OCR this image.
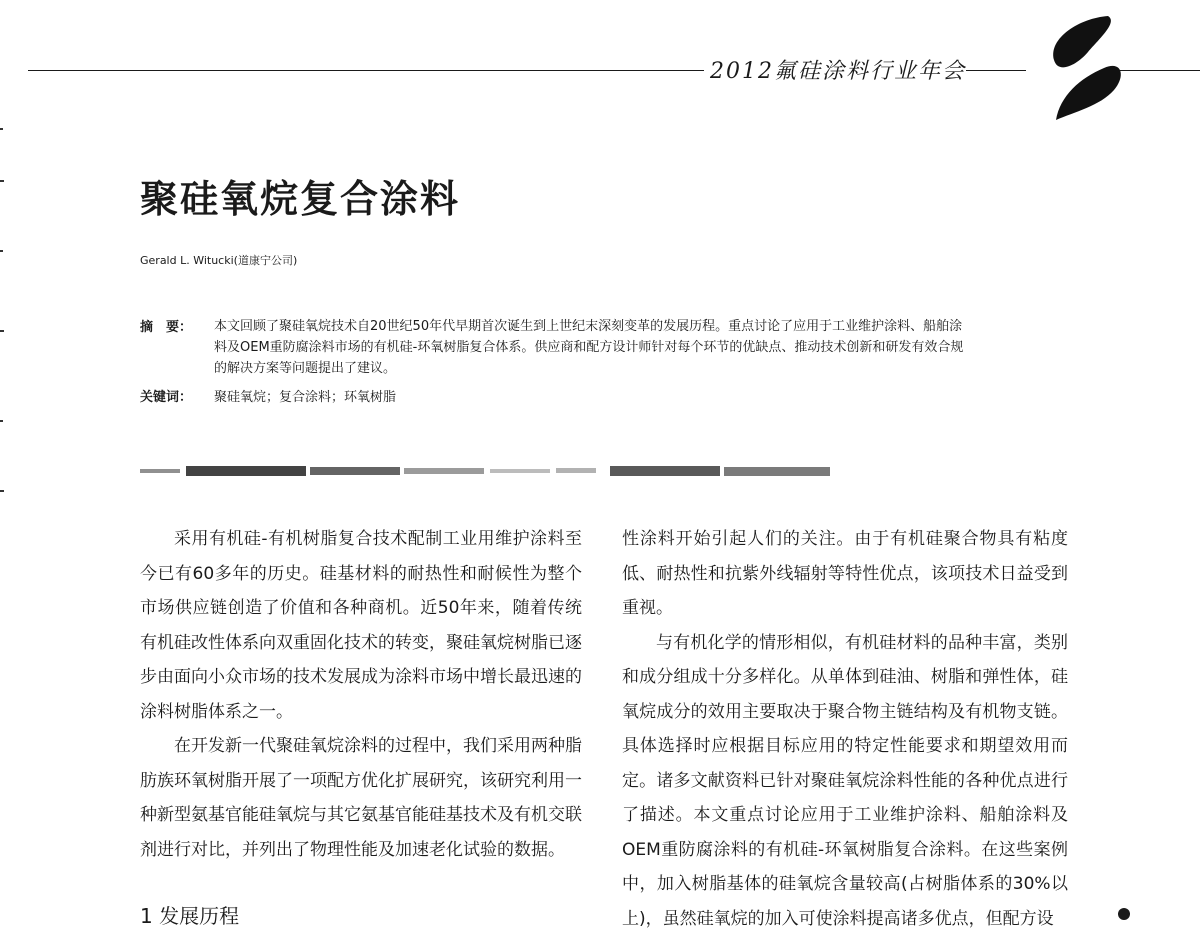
2012氟硅涂料行业年会
聚硅氧烷复合涂料
Gerald L. Witucki(道康宁公司)
摘　要： 本文回顾了聚硅氧烷技术自20世纪50年代早期首次诞生到上世纪末深刻变革的发展历程。重点讨论了应用于工业维护涂料、船舶涂料及OEM重防腐涂料市场的有机硅-环氧树脂复合体系。供应商和配方设计师针对每个环节的优缺点、推动技术创新和研发有效合规的解决方案等问题提出了建议。

关键词： 聚硅氧烷；复合涂料；环氧树脂

采用有机硅-有机树脂复合技术配制工业用维护涂料至今已有60多年的历史。硅基材料的耐热性和耐候性为整个市场供应链创造了价值和各种商机。近50年来，随着传统有机硅改性体系向双重固化技术的转变，聚硅氧烷树脂已逐步由面向小众市场的技术发展成为涂料市场中增长最迅速的涂料树脂体系之一。

在开发新一代聚硅氧烷涂料的过程中，我们采用两种脂肪族环氧树脂开展了一项配方优化扩展研究，该研究利用一种新型氨基官能硅氧烷与其它氨基官能硅基技术及有机交联剂进行对比，并列出了物理性能及加速老化试验的数据。

1 发展历程

性涂料开始引起人们的关注。由于有机硅聚合物具有粘度低、耐热性和抗紫外线辐射等特性优点，该项技术日益受到重视。

与有机化学的情形相似，有机硅材料的品种丰富，类别和成分组成十分多样化。从单体到硅油、树脂和弹性体，硅氧烷成分的效用主要取决于聚合物主链结构及有机物支链。具体选择时应根据目标应用的特定性能要求和期望效用而定。诸多文献资料已针对聚硅氧烷涂料性能的各种优点进行了描述。本文重点讨论应用于工业维护涂料、船舶涂料及OEM重防腐涂料的有机硅-环氧树脂复合涂料。在这些案例中，加入树脂基体的硅氧烷含量较高(占树脂体系的30%以上)，虽然硅氧烷的加入可使涂料提高诸多优点，但配方设
